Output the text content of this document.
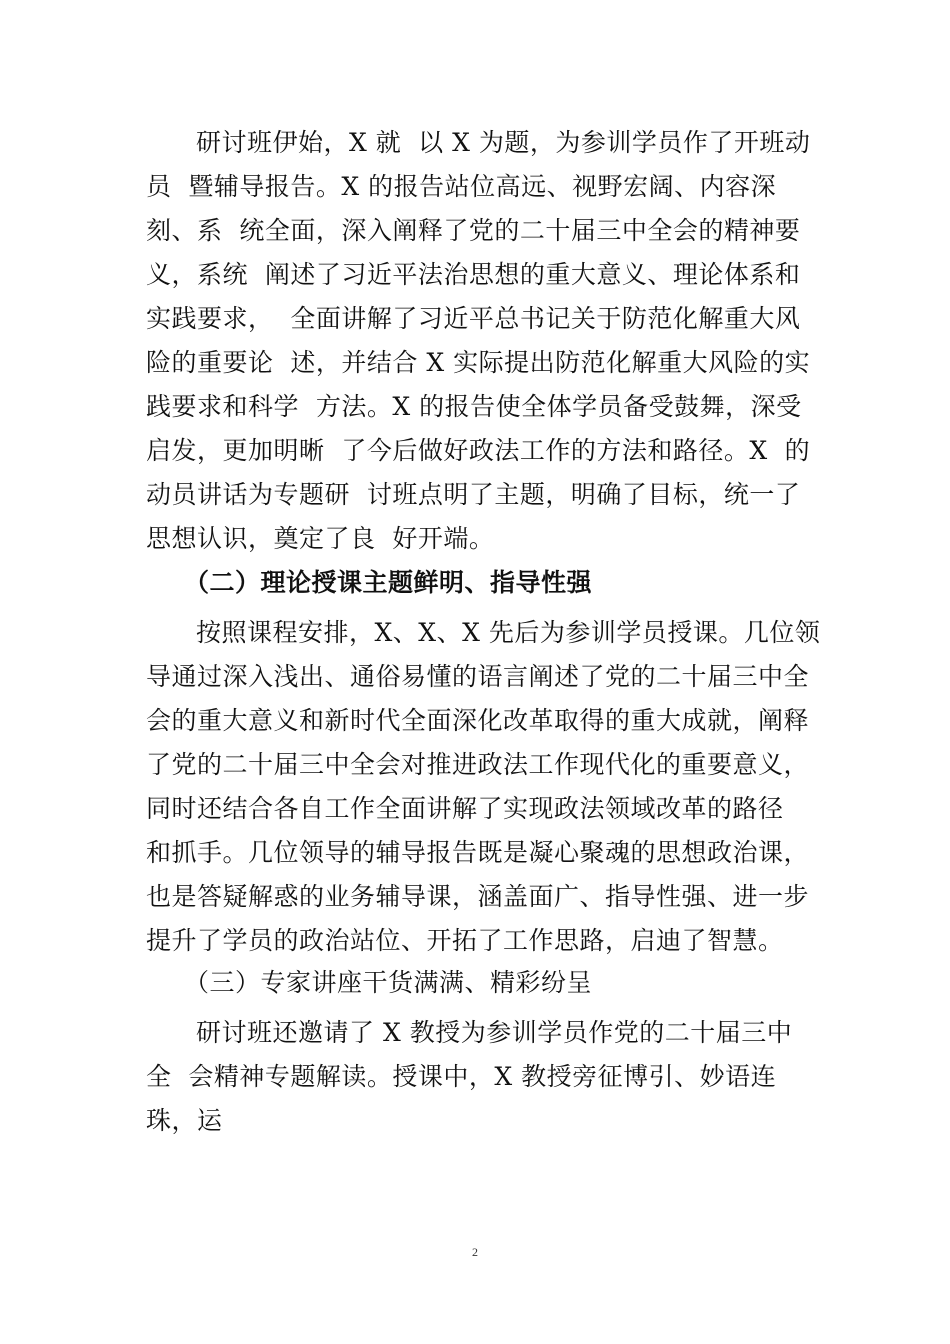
研讨班伊始，X 就  以 X 为题，为参训学员作了开班动

员  暨辅导报告。X 的报告站位高远、视野宏阔、内容深

刻、系  统全面，深入阐释了党的二十届三中全会的精神要

义，系统  阐述了习近平法治思想的重大意义、理论体系和

实践要求，  全面讲解了习近平总书记关于防范化解重大风

险的重要论  述，并结合 X 实际提出防范化解重大风险的实

践要求和科学  方法。X 的报告使全体学员备受鼓舞，深受

启发，更加明晰  了今后做好政法工作的方法和路径。X  的

动员讲话为专题研  讨班点明了主题，明确了目标，统一了

思想认识，奠定了良  好开端。

（二）理论授课主题鲜明、指导性强

按照课程安排，X、X、X 先后为参训学员授课。几位领

导通过深入浅出、通俗易懂的语言阐述了党的二十届三中全

会的重大意义和新时代全面深化改革取得的重大成就，阐释

了党的二十届三中全会对推进政法工作现代化的重要意义，

同时还结合各自工作全面讲解了实现政法领域改革的路径

和抓手。几位领导的辅导报告既是凝心聚魂的思想政治课，

也是答疑解惑的业务辅导课，涵盖面广、指导性强、进一步

提升了学员的政治站位、开拓了工作思路，启迪了智慧。

（三）专家讲座干货满满、精彩纷呈

研讨班还邀请了 X 教授为参训学员作党的二十届三中

全  会精神专题解读。授课中，X 教授旁征博引、妙语连

珠，运

2
